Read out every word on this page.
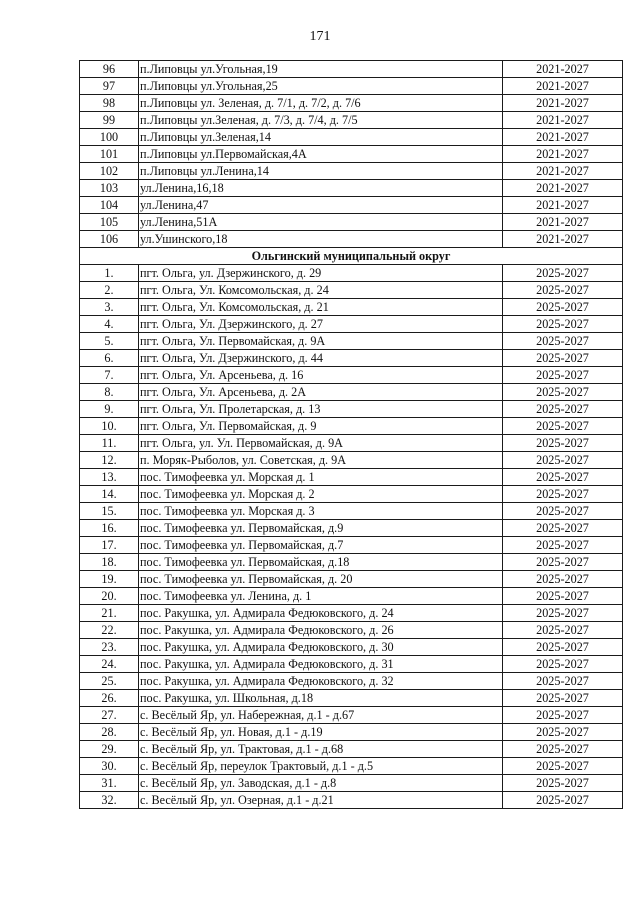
171
96	п.Липовцы ул.Угольная,19	2021-2027
97	п.Липовцы ул.Угольная,25	2021-2027
98	п.Липовцы ул. Зеленая, д. 7/1, д. 7/2, д. 7/6	2021-2027
99	п.Липовцы ул.Зеленая, д. 7/3, д. 7/4, д. 7/5	2021-2027
100	п.Липовцы ул.Зеленая,14	2021-2027
101	п.Липовцы ул.Первомайская,4А	2021-2027
102	п.Липовцы ул.Ленина,14	2021-2027
103	ул.Ленина,16,18	2021-2027
104	ул.Ленина,47	2021-2027
105	ул.Ленина,51А	2021-2027
106	ул.Ушинского,18	2021-2027
Ольгинский муниципальный округ		
1.	пгт. Ольга, ул. Дзержинского, д. 29	2025-2027
2.	пгт. Ольга, Ул. Комсомольская, д. 24	2025-2027
3.	пгт. Ольга, Ул. Комсомольская, д. 21	2025-2027
4.	пгт. Ольга, Ул. Дзержинского, д. 27	2025-2027
5.	пгт. Ольга, Ул. Первомайская, д. 9А	2025-2027
6.	пгт. Ольга, Ул. Дзержинского, д. 44	2025-2027
7.	пгт. Ольга, Ул. Арсеньева, д. 16	2025-2027
8.	пгт. Ольга, Ул. Арсеньева, д. 2А	2025-2027
9.	пгт. Ольга, Ул. Пролетарская, д. 13	2025-2027
10.	пгт. Ольга, Ул. Первомайская, д. 9	2025-2027
11.	пгт. Ольга, ул. Ул. Первомайская, д. 9А	2025-2027
12.	п. Моряк-Рыболов, ул. Советская, д. 9А	2025-2027
13.	пос. Тимофеевка ул. Морская д. 1	2025-2027
14.	пос. Тимофеевка ул. Морская д. 2	2025-2027
15.	пос. Тимофеевка ул. Морская д. 3	2025-2027
16.	пос. Тимофеевка ул. Первомайская, д.9	2025-2027
17.	пос. Тимофеевка ул. Первомайская, д.7	2025-2027
18.	пос. Тимофеевка ул. Первомайская, д.18	2025-2027
19.	пос. Тимофеевка ул. Первомайская, д. 20	2025-2027
20.	пос. Тимофеевка ул. Ленина, д. 1	2025-2027
21.	пос. Ракушка, ул. Адмирала Федюковского, д. 24	2025-2027
22.	пос. Ракушка, ул. Адмирала Федюковского, д. 26	2025-2027
23.	пос. Ракушка, ул. Адмирала Федюковского, д. 30	2025-2027
24.	пос. Ракушка, ул. Адмирала Федюковского, д. 31	2025-2027
25.	пос. Ракушка, ул. Адмирала Федюковского, д. 32	2025-2027
26.	пос. Ракушка, ул. Школьная, д.18	2025-2027
27.	с. Весёлый Яр, ул. Набережная, д.1 - д.67	2025-2027
28.	с. Весёлый Яр, ул. Новая, д.1 - д.19	2025-2027
29.	с. Весёлый Яр, ул. Трактовая, д.1 - д.68	2025-2027
30.	с. Весёлый Яр, переулок Трактовый, д.1 - д.5	2025-2027
31.	с. Весёлый Яр, ул. Заводская, д.1 - д.8	2025-2027
32.	с. Весёлый Яр, ул. Озерная, д.1 - д.21	2025-2027
